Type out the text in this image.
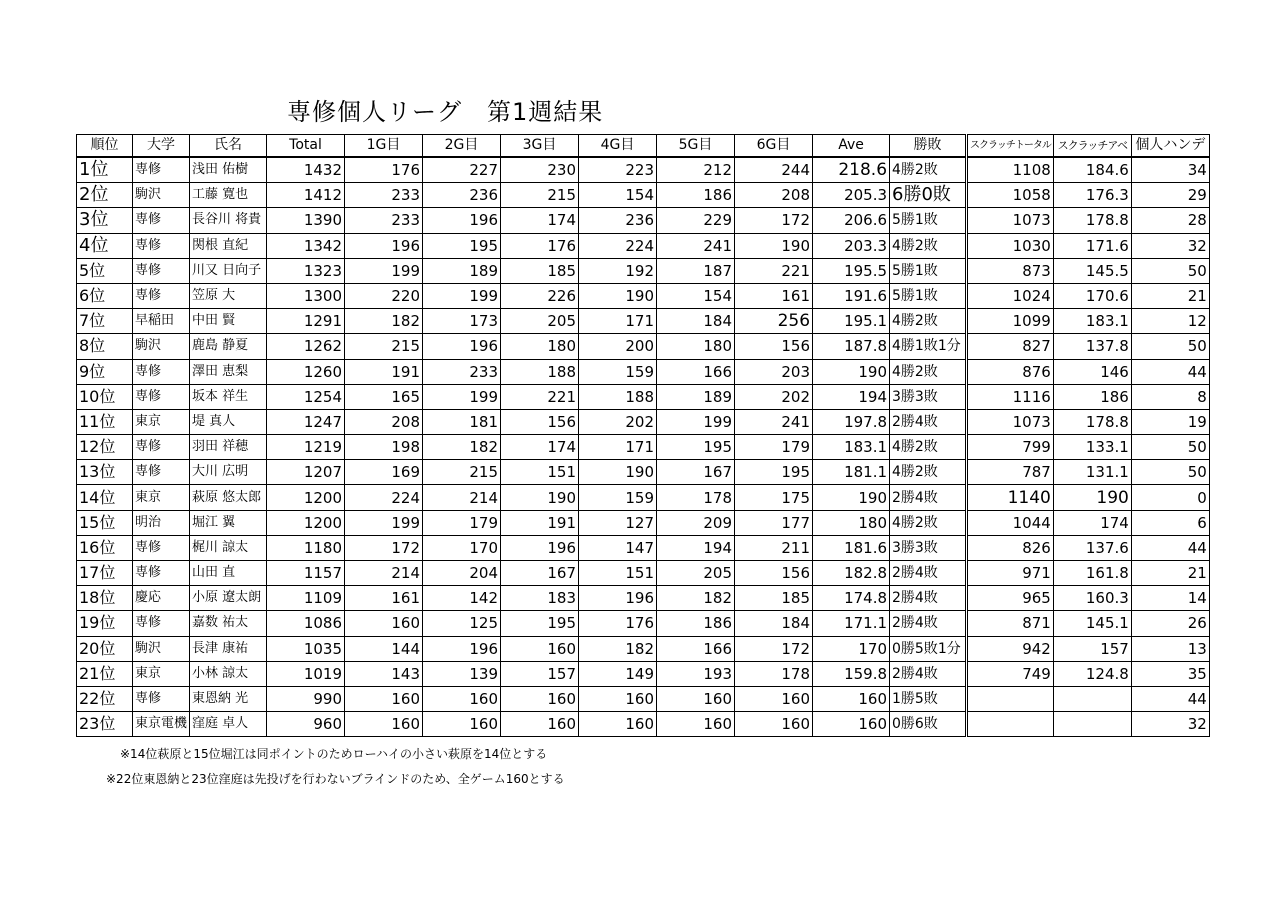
専修個人リーグ　第1週結果
順位	大学	氏名	Total	1G目	2G目	3G目	4G目	5G目	6G目	Ave	勝敗	スクラッチトータル	スクラッチアベ	個人ハンデ
1位	専修	浅田 佑樹	1432	176	227	230	223	212	244	218.6	4勝2敗	1108	184.6	34
2位	駒沢	工藤 寛也	1412	233	236	215	154	186	208	205.3	6勝0敗	1058	176.3	29
3位	専修	長谷川 将貴	1390	233	196	174	236	229	172	206.6	5勝1敗	1073	178.8	28
4位	専修	関根 直紀	1342	196	195	176	224	241	190	203.3	4勝2敗	1030	171.6	32
5位	専修	川又 日向子	1323	199	189	185	192	187	221	195.5	5勝1敗	873	145.5	50
6位	専修	笠原 大	1300	220	199	226	190	154	161	191.6	5勝1敗	1024	170.6	21
7位	早稲田	中田 賢	1291	182	173	205	171	184	256	195.1	4勝2敗	1099	183.1	12
8位	駒沢	鹿島 静夏	1262	215	196	180	200	180	156	187.8	4勝1敗1分	827	137.8	50
9位	専修	澤田 恵梨	1260	191	233	188	159	166	203	190	4勝2敗	876	146	44
10位	専修	坂本 祥生	1254	165	199	221	188	189	202	194	3勝3敗	1116	186	8
11位	東京	堤 真人	1247	208	181	156	202	199	241	197.8	2勝4敗	1073	178.8	19
12位	専修	羽田 祥穂	1219	198	182	174	171	195	179	183.1	4勝2敗	799	133.1	50
13位	専修	大川 広明	1207	169	215	151	190	167	195	181.1	4勝2敗	787	131.1	50
14位	東京	萩原 悠太郎	1200	224	214	190	159	178	175	190	2勝4敗	1140	190	0
15位	明治	堀江 翼	1200	199	179	191	127	209	177	180	4勝2敗	1044	174	6
16位	専修	梶川 諒太	1180	172	170	196	147	194	211	181.6	3勝3敗	826	137.6	44
17位	専修	山田 直	1157	214	204	167	151	205	156	182.8	2勝4敗	971	161.8	21
18位	慶応	小原 遼太朗	1109	161	142	183	196	182	185	174.8	2勝4敗	965	160.3	14
19位	専修	嘉数 祐太	1086	160	125	195	176	186	184	171.1	2勝4敗	871	145.1	26
20位	駒沢	長津 康祐	1035	144	196	160	182	166	172	170	0勝5敗1分	942	157	13
21位	東京	小林 諒太	1019	143	139	157	149	193	178	159.8	2勝4敗	749	124.8	35
22位	専修	東恩納 光	990	160	160	160	160	160	160	160	1勝5敗			44
23位	東京電機	窪庭 卓人	960	160	160	160	160	160	160	160	0勝6敗			32
※14位萩原と15位堀江は同ポイントのためローハイの小さい萩原を14位とする
※22位東恩納と23位窪庭は先投げを行わないブラインドのため、全ゲーム160とする
